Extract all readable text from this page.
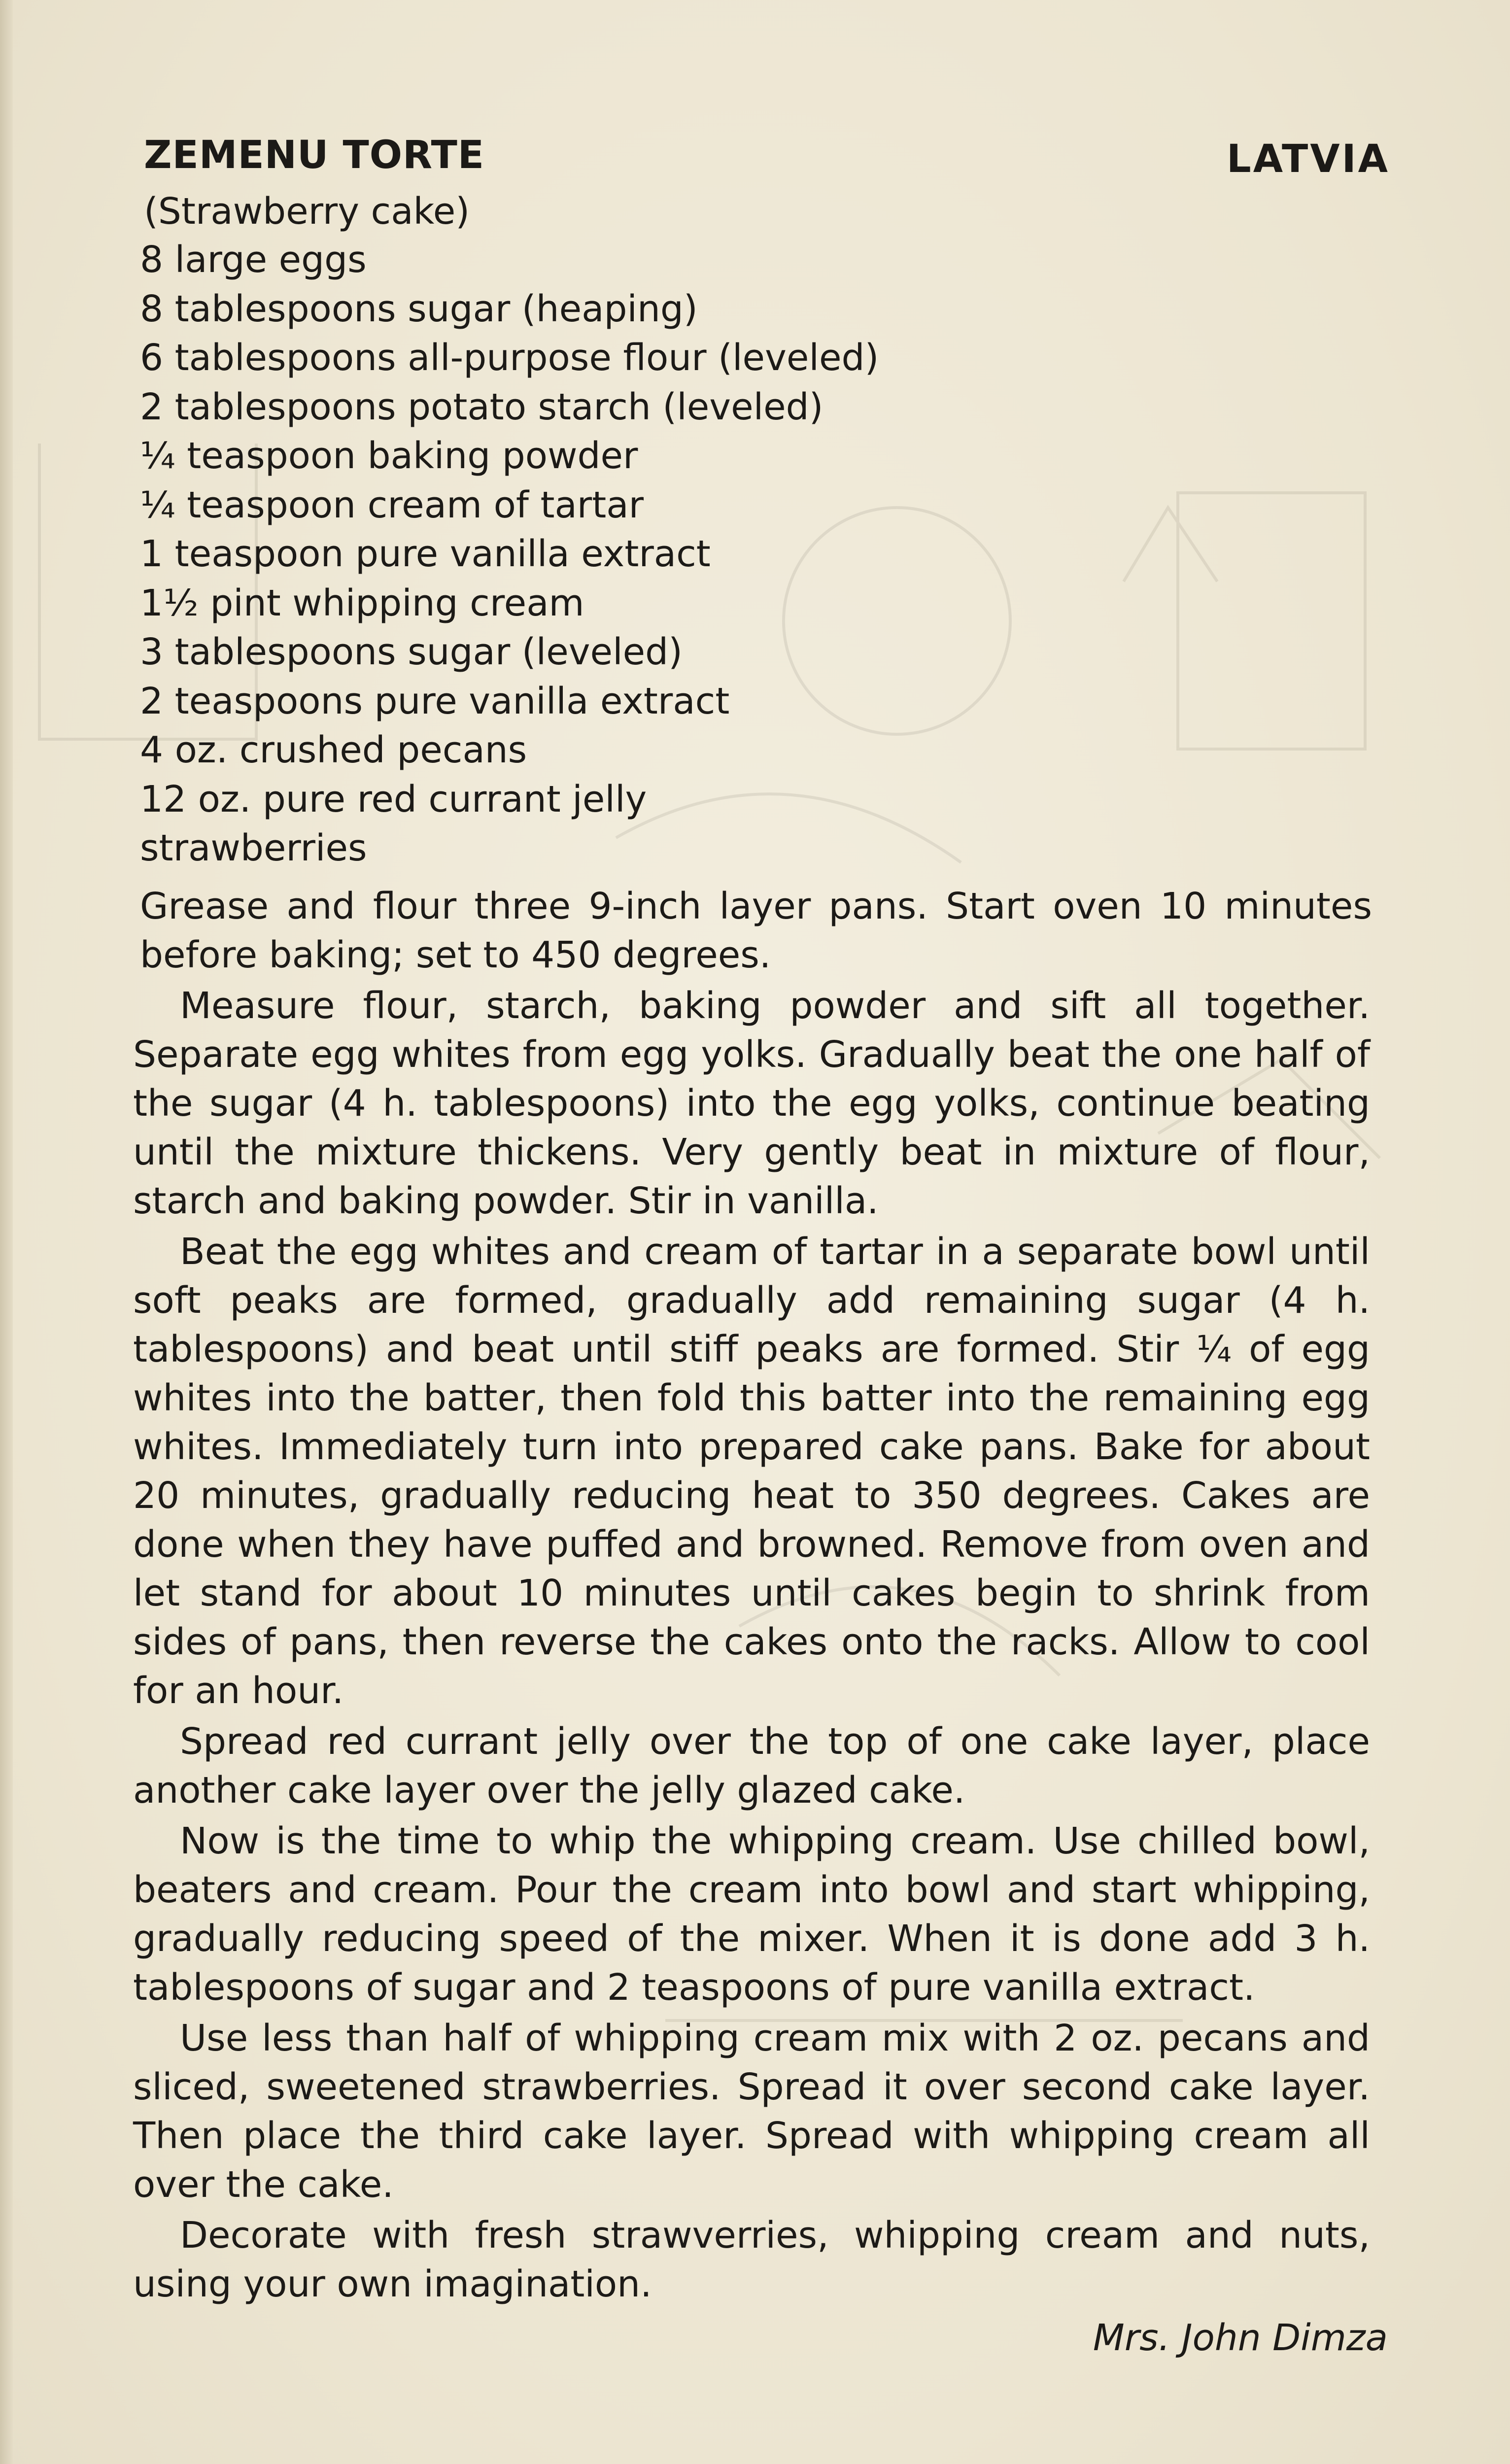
ZEMENU TORTE	LATVIA
(Strawberry cake)
8 large eggs
8 tablespoons sugar (heaping)
6 tablespoons all-purpose flour (leveled)
2 tablespoons potato starch (leveled)
¼ teaspoon baking powder
¼ teaspoon cream of tartar
1 teaspoon pure vanilla extract
1½ pint whipping cream
3 tablespoons sugar (leveled)
2 teaspoons pure vanilla extract
4 oz. crushed pecans
12 oz. pure red currant jelly
strawberries

Grease and flour three 9-inch layer pans. Start oven 10 minutes before baking; set to 450 degrees.

Measure flour, starch, baking powder and sift all together. Separate egg whites from egg yolks. Gradually beat the one half of the sugar (4 h. tablespoons) into the egg yolks, continue beating until the mixture thickens. Very gently beat in mixture of flour, starch and baking powder. Stir in vanilla.

Beat the egg whites and cream of tartar in a separate bowl until soft peaks are formed, gradually add remaining sugar (4 h. tablespoons) and beat until stiff peaks are formed. Stir ¼ of egg whites into the batter, then fold this batter into the remaining egg whites. Immediately turn into prepared cake pans. Bake for about 20 minutes, gradually reducing heat to 350 degrees. Cakes are done when they have puffed and browned. Remove from oven and let stand for about 10 minutes until cakes begin to shrink from sides of pans, then reverse the cakes onto the racks. Allow to cool for an hour.

Spread red currant jelly over the top of one cake layer, place another cake layer over the jelly glazed cake.

Now is the time to whip the whipping cream. Use chilled bowl, beaters and cream. Pour the cream into bowl and start whipping, gradually reducing speed of the mixer. When it is done add 3 h. tablespoons of sugar and 2 teaspoons of pure vanilla extract.

Use less than half of whipping cream mix with 2 oz. pecans and sliced, sweetened strawberries. Spread it over second cake layer. Then place the third cake layer. Spread with whipping cream all over the cake.

Decorate with fresh strawverries, whipping cream and nuts, using your own imagination.

Mrs. John Dimza
